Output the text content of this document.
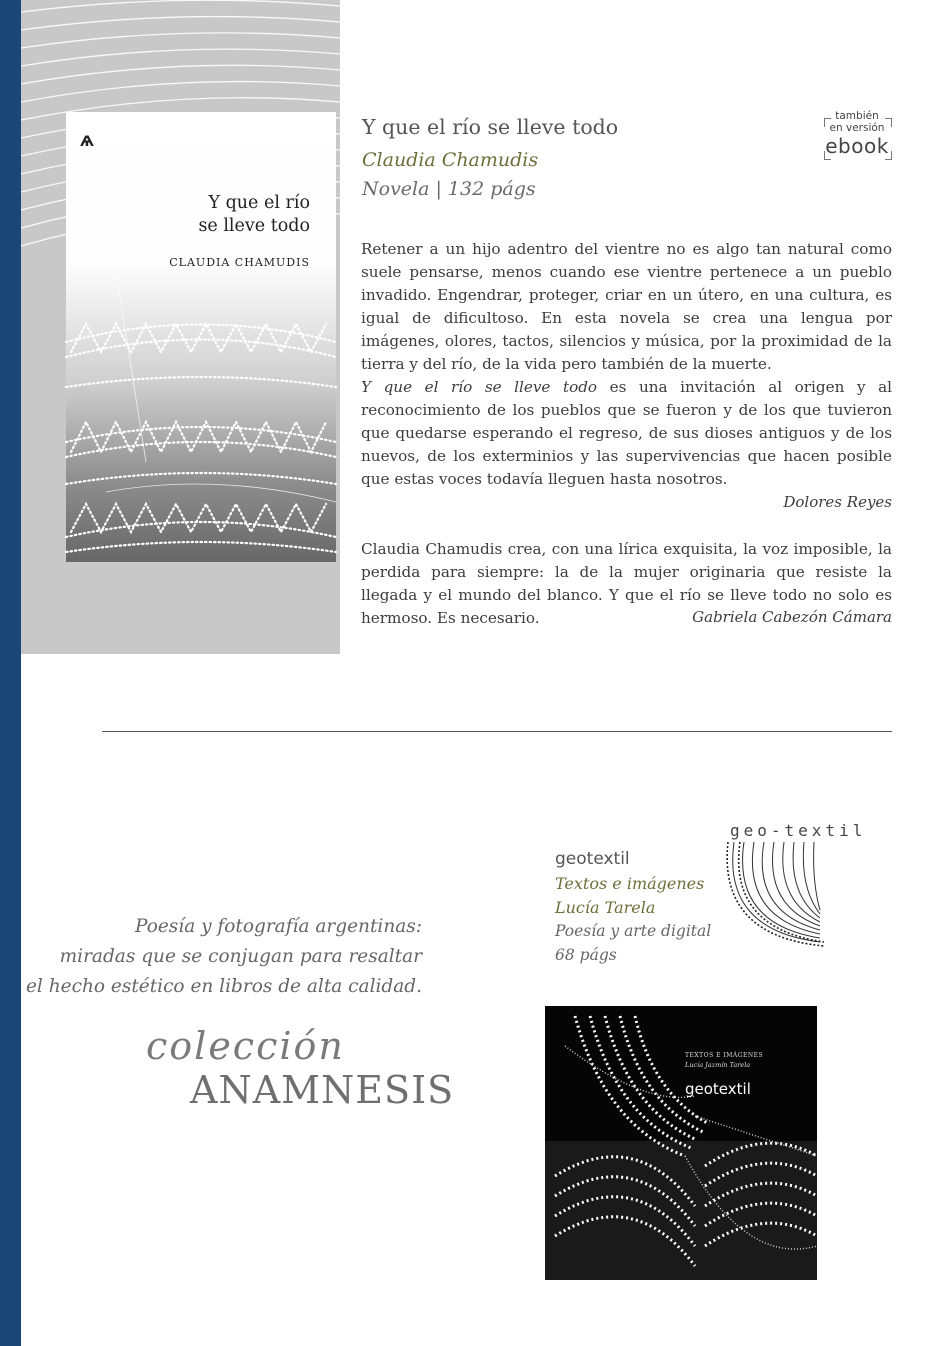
Ѧ
Y que el río
se lleve todo
CLAUDIA CHAMUDIS
Y que el río se lleve todo
Claudia Chamudis
Novela | 132 págs
también
en versión
ebook

Retener a un hijo adentro del vientre no es algo tan natural como suele pensarse, menos cuando ese vientre pertenece a un pueblo invadido. Engendrar, proteger, criar en un útero, en una cultura, es igual de dificultoso. En esta novela se crea una lengua por imágenes, olores, tactos, silencios y música, por la proximidad de la tierra y del río, de la vida pero también de la muerte.

Y que el río se lleve todo es una invitación al origen y al reconocimiento de los pueblos que se fueron y de los que tuvieron que quedarse esperando el regreso, de sus dioses antiguos y de los nuevos, de los exterminios y las supervivencias que hacen posible que estas voces todavía lleguen hasta nosotros.

Dolores Reyes

Claudia Chamudis crea, con una lírica exquisita, la voz imposible, la perdida para siempre: la de la mujer originaria que resiste la llegada y el mundo del blanco. Y que el río se lleve todo no solo es hermoso. Es necesario.	Gabriela Cabezón Cámara
Poesía y fotografía argentinas:
miradas que se conjugan para resaltar
el hecho estético en libros de alta calidad.
colección
ANAMNESIS
geotextil
Textos e imágenes
Lucía Tarela
Poesía y arte digital
68 págs
geo-textil
TEXTOS E IMÁGENES
Lucía Jazmín Tarela
geotextil
